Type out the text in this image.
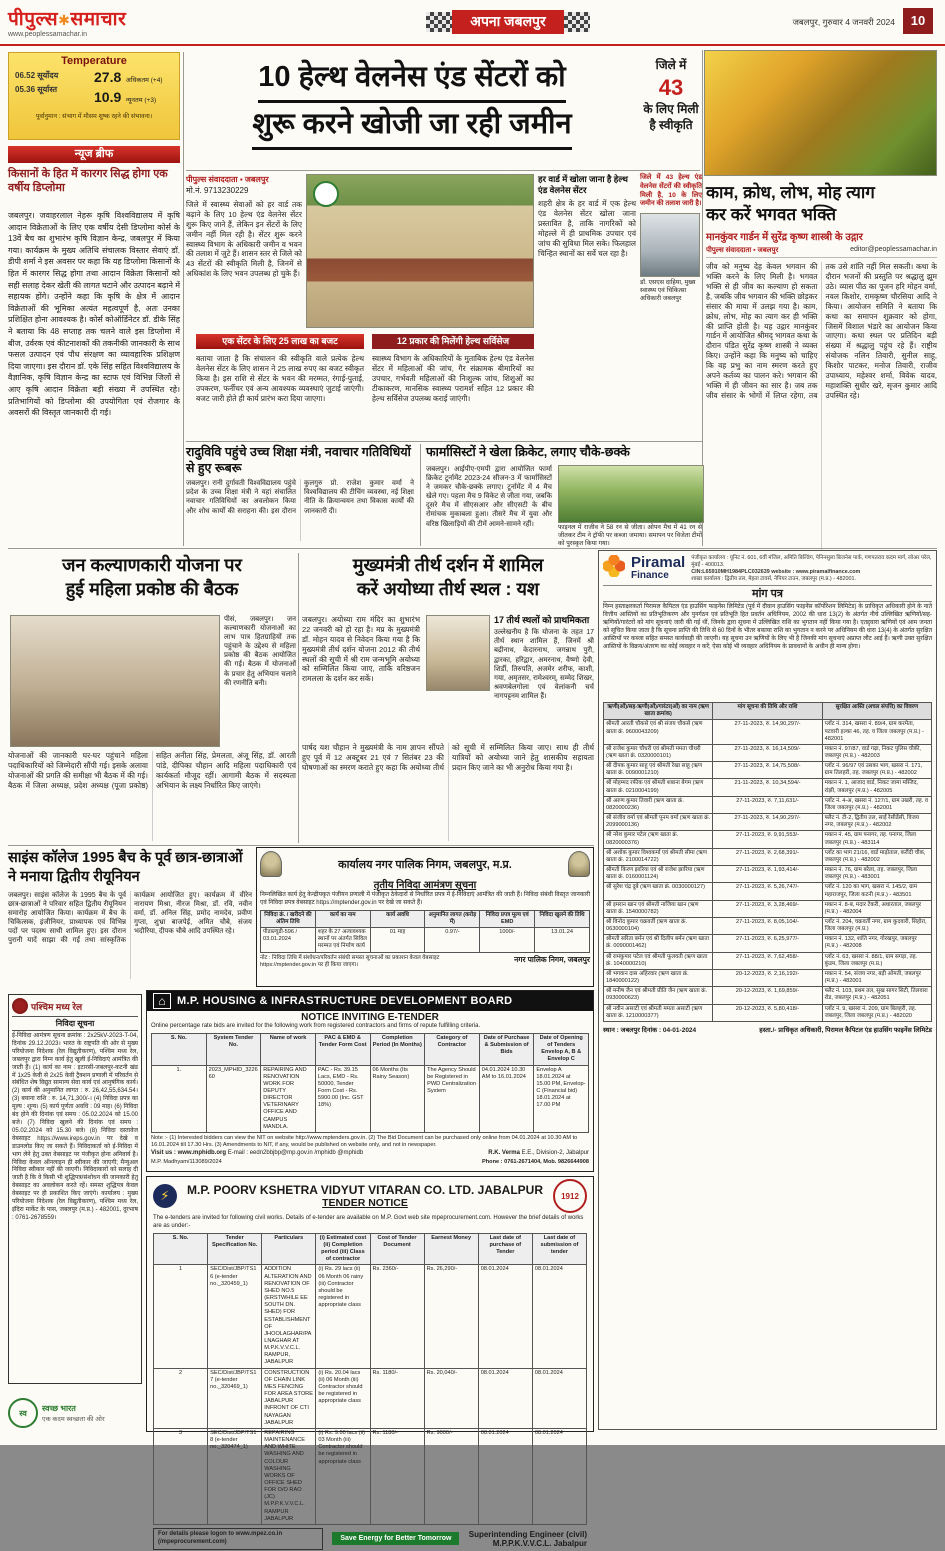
पीपुल्स✱समाचार
www.peoplessamachar.in
अपना जबलपुर	जबलपुर, गुरुवार 4 जनवरी 2024	10
Temperature
06.52 सूर्योदय
05.36 सूर्यास्त
27.8 अधिकतम (+4)
10.9 न्यूनतम (+3)
पूर्वानुमान : संभाग में मौसम शुष्क रहने की संभावना।
न्यूज ब्रीफ
किसानों के हित में कारगर सिद्ध होगा एक वर्षीय डिप्लोमा
जबलपुर। जवाहरलाल नेहरू कृषि विश्वविद्यालय में कृषि आदान विक्रेताओं के लिए एक वर्षीय देसी डिप्लोमा कोर्स के 13वें बैच का शुभारंभ कृषि विज्ञान केन्द्र, जबलपुर में किया गया। कार्यक्रम के मुख्य अतिथि संचालक विस्तार सेवाएं डॉ. डीपी शर्मा ने इस अवसर पर कहा कि यह डिप्लोमा किसानों के हित में कारगर सिद्ध होगा तथा आदान विक्रेता किसानों को सही सलाह देकर खेती की लागत घटाने और उत्पादन बढ़ाने में सहायक होंगे। उन्होंने कहा कि कृषि के क्षेत्र में आदान विक्रेताओं की भूमिका अत्यंत महत्वपूर्ण है, अतः उनका प्रशिक्षित होना आवश्यक है। कोर्स कोऑर्डिनेटर डॉ. डीके सिंह ने बताया कि 48 सप्ताह तक चलने वाले इस डिप्लोमा में बीज, उर्वरक एवं कीटनाशकों की तकनीकी जानकारी के साथ फसल उत्पादन एवं पौध संरक्षण का व्यावहारिक प्रशिक्षण दिया जाएगा। इस दौरान डॉ. एके सिंह सहित विश्वविद्यालय के वैज्ञानिक, कृषि विज्ञान केन्द्र का स्टाफ एवं विभिन्न जिलों से आए कृषि आदान विक्रेता बड़ी संख्या में उपस्थित रहे। प्रतिभागियों को डिप्लोमा की उपयोगिता एवं रोजगार के अवसरों की विस्तृत जानकारी दी गई।
10 हेल्थ वेलनेस एंड सेंटरों को
शुरू करने खोजी जा रही जमीन
जिले में
43
के लिए मिली है स्वीकृति
पीपुल्स संवाददाता ▪ जबलपुर
मो.नं. 9713230229
जिले में स्वास्थ्य सेवाओं को हर वार्ड तक बढ़ाने के लिए 10 हेल्थ एंड वेलनेस सेंटर शुरू किए जाने हैं, लेकिन इन सेंटरों के लिए जमीन नहीं मिल रही है। सेंटर शुरू करने स्वास्थ्य विभाग के अधिकारी जमीन व भवन की तलाश में जुटे हैं। शासन स्तर से जिले को 43 सेंटरों की स्वीकृति मिली है, जिनमें से अधिकांश के लिए भवन उपलब्ध हो चुके हैं।
हर वार्ड में खोला जाना है हेल्थ एंड वेलनेस सेंटर
शहरी क्षेत्र के हर वार्ड में एक हेल्थ एंड वेलनेस सेंटर खोला जाना प्रस्तावित है, ताकि नागरिकों को मोहल्ले में ही प्राथमिक उपचार एवं जांच की सुविधा मिल सके। फिलहाल चिन्हित स्थानों का सर्वे चल रहा है।
जिले में 43 हेल्थ एंड वेलनेस सेंटरों की स्वीकृति मिली है, 10 के लिए जमीन की तलाश जारी है।
डॉ. एसएस दाहिया, मुख्य स्वास्थ्य एवं चिकित्सा अधिकारी जबलपुर
एक सेंटर के लिए 25 लाख का बजट	12 प्रकार की मिलेंगी हेल्थ सर्विसेज
बताया जाता है कि संचालन की स्वीकृति वाले प्रत्येक हेल्थ वेलनेस सेंटर के लिए शासन ने 25 लाख रुपए का बजट स्वीकृत किया है। इस राशि से सेंटर के भवन की मरम्मत, रंगाई-पुताई, उपकरण, फर्नीचर एवं अन्य आवश्यक व्यवस्थाएं जुटाई जाएंगी। बजट जारी होते ही कार्य प्रारंभ करा दिया जाएगा।
स्वास्थ्य विभाग के अधिकारियों के मुताबिक हेल्थ एंड वेलनेस सेंटर में महिलाओं की जांच, गैर संक्रामक बीमारियों का उपचार, गर्भवती महिलाओं की निःशुल्क जांच, शिशुओं का टीकाकरण, मानसिक स्वास्थ्य परामर्श सहित 12 प्रकार की हेल्थ सर्विसेज उपलब्ध कराई जाएंगी।
काम, क्रोध, लोभ, मोह त्याग
कर करें भगवत भक्ति
मानकुंवर गार्डन में सुरेंद्र कृष्ण शास्त्री के उद्गार
पीपुल्स संवाददाता ▪ जबलपुर	editor@peoplessamachar.in
जीव को मनुष्य देह केवल भगवान की भक्ति करने के लिए मिली है। भगवत भक्ति से ही जीव का कल्याण हो सकता है, जबकि जीव भगवान की भक्ति छोड़कर संसार की माया में उलझ गया है। काम, क्रोध, लोभ, मोह का त्याग कर ही भक्ति की प्राप्ति होती है। यह उद्गार मानकुंवर गार्डन में आयोजित श्रीमद् भागवत कथा के दौरान पंडित सुरेंद्र कृष्ण शास्त्री ने व्यक्त किए। उन्होंने कहा कि मनुष्य को चाहिए कि वह प्रभु का नाम स्मरण करते हुए अपने कर्तव्य का पालन करे। भगवान की भक्ति में ही जीवन का सार है। जब तक जीव संसार के भोगों में लिप्त रहेगा, तब तक उसे शांति नहीं मिल सकती। कथा के दौरान भजनों की प्रस्तुति पर श्रद्धालु झूम उठे। व्यास पीठ का पूजन हरि मोहन वर्मा, नवल किशोर, रामकृष्ण चौरसिया आदि ने किया। आयोजन समिति ने बताया कि कथा का समापन शुक्रवार को होगा, जिसमें विशाल भंडारे का आयोजन किया जाएगा। कथा स्थल पर प्रतिदिन बड़ी संख्या में श्रद्धालु पहुंच रहे हैं। राष्ट्रीय संयोजक नलिन तिवारी, सुनील साहू, किशोर पाटकर, मनोज तिवारी, राजीव उपाध्याय, महेश्वर शर्मा, विवेक यादव, महाशक्ति सुधीर खरे, सृजन कुमार आदि उपस्थित रहे।
रादुविवि पहुंचे उच्च शिक्षा मंत्री, नवाचार गतिविधियों से हुए रूबरू
जबलपुर। रानी दुर्गावती विश्वविद्यालय पहुंचे प्रदेश के उच्च शिक्षा मंत्री ने यहां संचालित नवाचार गतिविधियों का अवलोकन किया और शोध कार्यों की सराहना की। इस दौरान कुलगुरु प्रो. राजेश कुमार वर्मा ने विश्वविद्यालय की टीचिंग व्यवस्था, नई शिक्षा नीति के क्रियान्वयन तथा विकास कार्यों की जानकारी दी।
फार्मासिस्टों ने खेला क्रिकेट, लगाए चौके-छक्के
जबलपुर। आईपीए-एमपी द्वारा आयोजित फार्मा क्रिकेट टूर्नामेंट 2023-24 सीजन-3 में फार्मासिस्टों ने जमकर चौके-छक्के लगाए। टूर्नामेंट में 4 मैच खेले गए। पहला मैच 9 विकेट से जीता गया, जबकि दूसरे मैच में सीएसआर और सीएसटी के बीच रोमांचक मुकाबला हुआ। तीसरे मैच में युवा और वरिष्ठ खिलाड़ियों की टीमें आमने-सामने रहीं।	फाइनल में राजीव ने 58 रन से जीता। ओपन मैच में 41 रन से जीतकर टीम ने ट्रॉफी पर कब्जा जमाया। समापन पर विजेता टीमों को पुरस्कृत किया गया।
जन कल्याणकारी योजना पर
हुई महिला प्रकोष्ठ की बैठक
पीसं, जबलपुर। जन कल्याणकारी योजनाओं का लाभ पात्र हितग्राहियों तक पहुंचाने के उद्देश्य से महिला प्रकोष्ठ की बैठक आयोजित की गई। बैठक में योजनाओं के प्रचार हेतु अभियान चलाने की रणनीति बनी।
योजनाओं की जानकारी घर-घर पहुंचाने महिला पदाधिकारियों को जिम्मेदारी सौंपी गई। इसके अलावा योजनाओं की प्रगति की समीक्षा भी बैठक में की गई। बैठक में जिला अध्यक्ष, प्रदेश अध्यक्ष (पूजा प्रकोष्ठ) सहित अनीता सिंह, प्रेमलता, अंजू सिंह, डॉ. आरती पांडे, दीपिका चौहान आदि महिला पदाधिकारी एवं कार्यकर्ता मौजूद रहीं। आगामी बैठक में सदस्यता अभियान के लक्ष्य निर्धारित किए जाएंगे।
मुख्यमंत्री तीर्थ दर्शन में शामिल
करें अयोध्या तीर्थ स्थल : यश
जबलपुर। अयोध्या राम मंदिर का शुभारंभ 22 जनवरी को हो रहा है। मप्र के मुख्यमंत्री डॉ. मोहन यादव से निवेदन किया गया है कि मुख्यमंत्री तीर्थ दर्शन योजना 2012 की तीर्थ स्थलों की सूची में श्री राम जन्मभूमि अयोध्या को सम्मिलित किया जाए, ताकि वरिष्ठजन रामलला के दर्शन कर सकें।
17 तीर्थ स्थलों को प्राथमिकता
उल्लेखनीय है कि योजना के तहत 17 तीर्थ स्थान शामिल हैं, जिनमें श्री बद्रीनाथ, केदारनाथ, जगन्नाथ पुरी, द्वारका, हरिद्वार, अमरनाथ, वैष्णो देवी, शिर्डी, तिरुपति, अजमेर शरीफ, काशी, गया, अमृतसर, रामेश्वरम्, सम्मेद शिखर, श्रवणबेलगोला एवं वेलांकनी चर्च नागपट्टनम शामिल हैं।
पार्षद यश चौहान ने मुख्यमंत्री के नाम ज्ञापन सौंपते हुए पूर्व में 12 अक्टूबर 21 एवं 7 सितंबर 23 की घोषणाओं का स्मरण कराते हुए कहा कि अयोध्या तीर्थ को सूची में सम्मिलित किया जाए। साथ ही तीर्थ यात्रियों को अयोध्या जाने हेतु शासकीय सहायता प्रदान किए जाने का भी अनुरोध किया गया है।
साइंस कॉलेज 1995 बैच के पूर्व छात्र-छात्राओं ने मनाया द्वितीय रीयूनियन
जबलपुर। साइंस कॉलेज के 1995 बैच के पूर्व छात्र-छात्राओं ने परिवार सहित द्वितीय रीयूनियन समारोह आयोजित किया। कार्यक्रम में बैच के चिकित्सक, इंजीनियर, प्राध्यापक एवं विभिन्न पदों पर पदस्थ साथी शामिल हुए। इस दौरान पुरानी यादें साझा की गईं तथा सांस्कृतिक कार्यक्रम आयोजित हुए। कार्यक्रम में वीरेन नारायण मिश्रा, नीरज मिश्रा, डॉ. रवि, नवीन वर्मा, डॉ. अनिल सिंह, प्रमोद नामदेव, प्रवीण गुप्ता, शुभ्रा बाजपेई, अमित चौबे, संजय भदौरिया, दीपक चौबे आदि उपस्थित रहे।
कार्यालय नगर पालिक निगम, जबलपुर, म.प्र.
तृतीय निविदा आमंत्रण सूचना
निम्नलिखित कार्य हेतु केन्द्रीयकृत पंजीयन प्रणाली में पंजीकृत ठेकेदारों से निर्धारित प्रपत्र में ई-निविदाएं आमंत्रित की जाती हैं। निविदा संबंधी विस्तृत जानकारी एवं निविदा प्रपत्र वेबसाइट https://mptender.gov.in पर देखे जा सकते हैं।
निविदा क्रं. / खरीदने की अंतिम तिथि	कार्य का नाम	कार्य अवधि	अनुमानित लागत (करोड़ में)	निविदा प्रपत्र मूल्य एवं EMD	निविदा खुलने की तिथि
पीडब्ल्यूडी-596 / 03.01.2024	शहर के 27 अत्यावश्यक स्थानों पर अंतर्गत सिविल मरम्मत एवं निर्माण कार्य	01 माह	0.97/-	1000/-	13.01.24
नोट : निविदा तिथि में संशोधन/परिवर्तन संबंधी समस्त सूचनाओं का प्रकाशन केवल वेबसाइट https://mptender.gov.in पर ही किया जाएगा।
नगर पालिक निगम, जबलपुर
पश्चिम मध्य रेल
निविदा सूचना
ई-निविदा आमंत्रण सूचना क्रमांक : 2x25kV-2023-T-04, दिनांक 29.12.2023। भारत के राष्ट्रपति की ओर से मुख्य परियोजना निदेशक (रेल विद्युतीकरण), पश्चिम मध्य रेल, जबलपुर द्वारा निम्न कार्य हेतु खुली ई-निविदाएं आमंत्रित की जाती हैं। (1) कार्य का नाम : इटारसी-जबलपुर-कटनी खंड में 1x25 केवी से 2x25 केवी ट्रैक्शन प्रणाली में परिवर्तन से संबंधित शेष विद्युत सामान्य सेवा कार्य एवं आनुषंगिक कार्य। (2) कार्य की अनुमानित लागत : रु. 26,42,55,634.54। (3) बयाना राशि : रु. 14,71,300/-। (4) निविदा प्रपत्र का मूल्य : शून्य। (5) कार्य पूर्णता अवधि : 09 माह। (6) निविदा बंद होने की दिनांक एवं समय : 05.02.2024 को 15.00 बजे। (7) निविदा खुलने की दिनांक एवं समय : 05.02.2024 को 15.30 बजे। (8) निविदा दस्तावेज वेबसाइट https://www.ireps.gov.in पर देखे व डाउनलोड किए जा सकते हैं। निविदाकर्ता को ई-निविदा में भाग लेने हेतु उक्त वेबसाइट पर पंजीकृत होना अनिवार्य है। निविदा केवल ऑनलाइन ही स्वीकार की जाएगी; मैन्युअल निविदा स्वीकार नहीं की जाएगी। निविदाकारों को सलाह दी जाती है कि वे किसी भी शुद्धिपत्र/संशोधन की जानकारी हेतु वेबसाइट का अवलोकन करते रहें। समस्त शुद्धिपत्र केवल वेबसाइट पर ही प्रकाशित किए जाएंगे। कार्यालय : मुख्य परियोजना निदेशक (रेल विद्युतीकरण), पश्चिम मध्य रेल, इंदिरा मार्केट के पास, जबलपुर (म.प्र.) - 482001, दूरभाष : 0761-2678559।
स्व	स्वच्छ भारत
एक कदम स्वच्छता की ओर
⌂	M.P. HOUSING & INFRASTRUCTURE DEVELOPMENT BOARD
NOTICE INVITING E-TENDER
Online percentage rate bids are invited for the following work from registered contractors and firms of repute fulfilling criteria.
S. No.	System Tender No.	Name of work	PAC & EMD & Tender Form Cost	Completion Period (In Months)	Category of Contractor	Date of Purchase & Submission of Bids	Date of Opening of Tenders Envelop A, B & Envelop C
1.	2023_MPHID_322660	REPAIRING AND RENOVATION WORK FOR DEPUTY DIRECTOR VETERINARY OFFICE AND CAMPUS MANDLA.	PAC - Rs. 39.15 Lacs, EMD - Rs. 50000, Tender Form Cost - Rs. 5900.00 (Inc. GST 18%)	06 Months (Its Rainy Season)	The Agency Should be Registered in PWD Centralization System	04.01.2024 10.30 AM to 16.01.2024	Envelop A 18.01.2024 at 15.00 PM, Envelop-C (Financial bid) 18.01.2024 at 17.00 PM
Note :- (1) Interested bidders can view the NIT on website http://www.mptenders.gov.in. (2) The Bid Document can be purchased only online from 04.01.2024 at 10.30 AM to 16.01.2024 till 17.30 Hrs. (3) Amendments to NIT, if any, would be published on website only, and not in newspaper.
Visit us : www.mphidb.org E-mail : eedn2bbjbp@mp.gov.in /mphidb @mphidb	R.K. Verma E.E., Division-2, Jabalpur
M.P. Madhyam/113089/2024	Phone : 0761-2671404, Mob. 9826644908
⚡	M.P. POORV KSHETRA VIDYUT VITARAN CO. LTD. JABALPUR
TENDER NOTICE
1912
The e-tenders are invited for following civil works. Details of e-tender are available on M.P. Govt web site mpeprocurement.com. However the brief details of works are as under:-
S. No.	Tender Specification No.	Particulars	(i) Estimated cost (ii) Completion period (iii) Class of contractor	Cost of Tender Document	Earnest Money	Last date of purchase of Tender	Last date of submission of tender
1	SEC/Dist/JBP/TS16 (e-tender no._320459_1)	ADDITION ALTERATION AND RENOVATION OF SHED NO.5 (ERSTWHILE EE SOUTH DN. SHED) FOR ESTABLISHMENT OF JHOOLAGHAR/PALNAGHAR AT M.P.K.V.V.C.L. RAMPUR, JABALPUR	(i) Rs. 29 lacs (ii) 06 Month 06 rainy (iii) Contractor should be registered in appropriate class	Rs. 2360/-	Rs. 26,290/-	08.01.2024	08.01.2024
2	SEC/Dist/JBP/TS17 (e-tender no._320469_1)	CONSTRUCTION OF CHAIN LINK MES FENCING FOR AREA STORE JABALPUR INFRONT OF CTI NAYAGAN JABALPUR	(i) Rs. 20.04 lacs (ii) 06 Month (iii) Contractor should be registered in appropriate class	Rs. 1180/-	Rs. 20,040/-	08.01.2024	08.01.2024
3	SEC/Dist/JBP/TS18 (e-tender no._320474_1)	REPAIRING MAINTENANCE AND WHITE WASHING AND COLOUR WASHING WORKS OF OFFICE SHED FOR O/O RAO (JC) M.P.P.K.V.V.C.L. RAMPUR JABALPUR	(i) Rs. 9.00 lacs (ii) 03 Month (iii) Contractor should be registered in appropriate class	Rs. 1180/-	Rs. 9000/-	08.01.2024	08.01.2024
For details please logon to www.mpez.co.in (/mpeprocurement.com)	Save Energy for Better Tomorrow	Superintending Engineer (civil)
M.P.P.K.V.V.C.L. Jabalpur
Piramal
Finance
पंजीकृत कार्यालय : यूनिट नं. 601, 6वीं मंजिल, अमिति बिल्डिंग, पेनिनसुला बिजनेस पार्क, गणपतराव कदम मार्ग, लोअर परेल, मुंबई - 400013.
CIN:L65910MH1984PLC032639 website : www.piramalfinance.com
शाखा कार्यालय : द्वितीय तल, मेहता टावर्स, नेपियर टाउन, जबलपुर (म.प्र.) - 482001.
मांग पत्र
निम्न हस्ताक्षरकर्ता पिरामल कैपिटल एंड हाउसिंग फाइनेंस लिमिटेड (पूर्व में दीवान हाउसिंग फाइनेंस कॉर्पोरेशन लिमिटेड) के प्राधिकृत अधिकारी होने के नाते वित्तीय आस्तियों का प्रतिभूतिकरण और पुनर्गठन एवं प्रतिभूति हित प्रवर्तन अधिनियम, 2002 की धारा 13(2) के अंतर्गत नीचे उल्लिखित ऋणियों/सह-ऋणियों/गारंटरों को मांग सूचनाएं जारी की गई थीं, जिनके द्वारा सूचना में उल्लिखित राशि का भुगतान नहीं किया गया है। एतद्द्वारा ऋणियों एवं आम जनता को सूचित किया जाता है कि सूचना प्राप्ति की तिथि से 60 दिनों के भीतर बकाया राशि का भुगतान न करने पर अधिनियम की धारा 13(4) के अंतर्गत सुरक्षित आस्तियों पर कब्जा सहित समस्त कार्यवाही की जाएगी। यह सूचना उन ऋणियों के लिए भी है जिनकी मांग सूचनाएं अप्राप्त लौट आई हैं। ऋणी उक्त सुरक्षित आस्तियों के विक्रय/अंतरण का कोई व्यवहार न करें; ऐसा कोई भी व्यवहार अधिनियम के प्रावधानों के अधीन ही मान्य होगा।
ऋणी(ओं)/सह-ऋणी(ओं)/गारंटर(ओं) का नाम (ऋण खाता क्रमांक)	मांग सूचना की तिथि और राशि	सुरक्षित आस्ति (अचल संपत्ति) का विवरण
श्रीमती आरती चौकसे एवं श्री संजय चौकसे (ऋण खाता क्रं. 9600043209)	27-11-2023, रु. 14,90,297/-	प्लॉट नं. 314, खसरा नं. 89/4, ग्राम करमेता, पटवारी हल्का 46, तह. व जिला जबलपुर (म.प्र.) - 482001
श्री राजेश कुमार चौधरी एवं श्रीमती ममता चौधरी (ऋण खाता क्रं. 0320000101)	27-11-2023, रु. 16,14,509/-	मकान नं. 97/87, वार्ड गढ़ा, निकट पुलिस चौकी, जबलपुर (म.प्र.) - 482003
श्री दीपक कुमार साहू एवं श्रीमती रेखा साहू (ऋण खाता क्रं. 0090001210)	27-11-2023, रु. 14,75,508/-	प्लॉट नं. 96/97 एवं उसका भाग, खसरा नं. 171, ग्राम तिलहरी, तह. जबलपुर (म.प्र.) - 482002
श्री मोहम्मद रफीक एवं श्रीमती शबाना बेगम (ऋण खाता क्रं. 0210004199)	21-11-2023, रु. 10,34,594/-	मकान नं. 1, आजाद वार्ड, निकट जामा मस्जिद, रांझी, जबलपुर (म.प्र.) - 482005
श्री अरुण कुमार तिवारी (ऋण खाता क्रं. 0820000236)	27-11-2023, रु. 7,11,631/-	प्लॉट नं. 4-अ, खसरा नं. 127/1, ग्राम उखरी, तह. व जिला जबलपुर (म.प्र.) - 482001
श्री संजीव वर्मा एवं श्रीमती पूनम वर्मा (ऋण खाता क्रं. 2099000136)	27-11-2023, रु. 14,90,297/-	फ्लैट नं. टी-2, द्वितीय तल, साईं रेसीडेंसी, विजय नगर, जबलपुर (म.प्र.) - 482002
श्री नरेश कुमार पटेल (ऋण खाता क्रं. 0820000376)	27-11-2023, रु. 9,91,553/-	मकान नं. 45, ग्राम पनागर, तह. पनागर, जिला जबलपुर (म.प्र.) - 483114
श्री अशोक कुमार विश्वकर्मा एवं श्रीमती सीमा (ऋण खाता क्रं. 2100014722)	27-11-2023, रु. 2,68,391/-	प्लॉट का भाग 21/16, वार्ड माढ़ोताल, करौंदी चौक, जबलपुर (म.प्र.) - 482002
श्रीमती किरण झारिया एवं श्री राजेश झारिया (ऋण खाता क्रं. 0160001124)	27-11-2023, रु. 1,93,414/-	मकान नं. 76, ग्राम बरेला, तह. जबलपुर, जिला जबलपुर (म.प्र.) - 483001
श्री सुरेश चंद्र दुबे (ऋण खाता क्रं. 0030000127)	27-11-2023, रु. 5,26,747/-	प्लॉट नं. 120 का भाग, खसरा नं. 145/2, ग्राम महाराजपुर, जिला कटनी (म.प्र.) - 483501
श्री इमरान खान एवं श्रीमती नाजिया खान (ऋण खाता क्रं. 1540000782)	27-11-2023, रु. 3,28,469/-	मकान नं. 8-ब, मदार टेकरी, अधारताल, जबलपुर (म.प्र.) - 482004
श्री विनोद कुमार चक्रवर्ती (ऋण खाता क्रं. 0630000104)	27-11-2023, रु. 8,05,104/-	प्लॉट नं. 204, चक्रवर्ती नगर, ग्राम कुदवारी, सिहोरा, जिला जबलपुर (म.प्र.)
श्रीमती सरिता बर्मन एवं श्री दिलीप बर्मन (ऋण खाता क्रं. 0090001462)	27-11-2023, रु. 6,25,977/-	मकान नं. 132, शांति नगर, गोरखपुर, जबलपुर (म.प्र.) - 482008
श्री रामकुमार पटेल एवं श्रीमती फूलवती (ऋण खाता क्रं. 1040000210)	27-11-2023, रु. 7,62,458/-	प्लॉट नं. 63, खसरा नं. 88/1, ग्राम सगड़ा, तह. कुंडम, जिला जबलपुर (म.प्र.)
श्री भगवान दास अहिरवार (ऋण खाता क्रं. 1840000122)	20-12-2023, रु. 2,16,192/-	मकान नं. 54, संजय नगर, बड़ी ओमती, जबलपुर (म.प्र.) - 482001
श्री मनीष जैन एवं श्रीमती प्रीति जैन (ऋण खाता क्रं. 0930000623)	20-12-2023, रु. 1,69,859/-	फ्लैट नं. 103, प्रथम तल, सुख सागर सिटी, तिलवारा रोड, जबलपुर (म.प्र.) - 482051
श्री नवीन असाटी एवं श्रीमती ममता असाटी (ऋण खाता क्रं. 1210000377)	20-12-2023, रु. 5,80,418/-	प्लॉट नं. 9, खसरा नं. 209, ग्राम बिलहरी, तह. जबलपुर, जिला जबलपुर (म.प्र.) - 482020
स्थान : जबलपुर दिनांक : 04-01-2024	हस्ता./- प्राधिकृत अधिकारी, पिरामल कैपिटल एंड हाउसिंग फाइनेंस लिमिटेड
